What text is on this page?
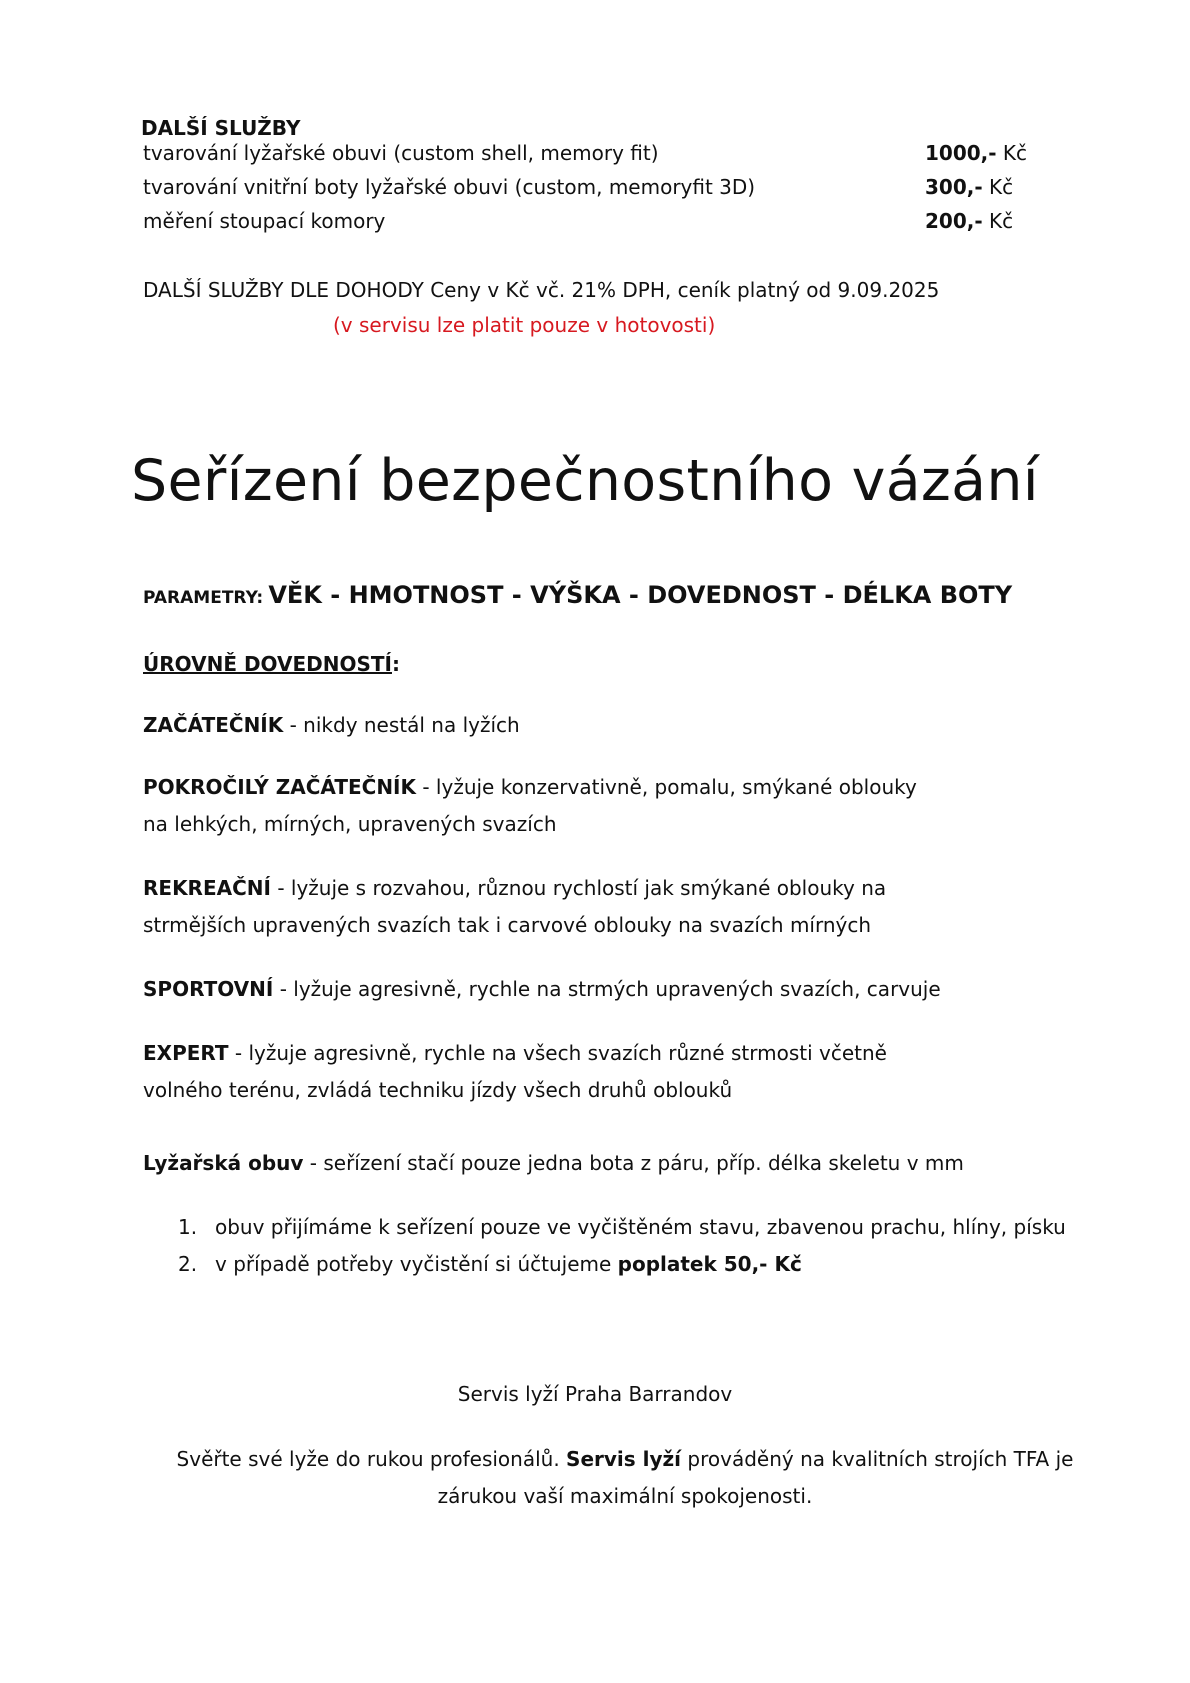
DALŠÍ SLUŽBY
tvarování lyžařské obuvi (custom shell, memory fit)	1000,- Kč
tvarování vnitřní boty lyžařské obuvi (custom, memoryfit 3D)	300,- Kč
měření stoupací komory	200,- Kč
DALŠÍ SLUŽBY DLE DOHODY Ceny v Kč vč. 21% DPH, ceník platný od 9.09.2025
(v servisu lze platit pouze v hotovosti)
Seřízení bezpečnostního vázání
PARAMETRY: VĚK - HMOTNOST - VÝŠKA - DOVEDNOST - DÉLKA BOTY
ÚROVNĚ DOVEDNOSTÍ:
ZAČÁTEČNÍK - nikdy nestál na lyžích
POKROČILÝ ZAČÁTEČNÍK - lyžuje konzervativně, pomalu, smýkané oblouky
na lehkých, mírných, upravených svazích
REKREAČNÍ - lyžuje s rozvahou, různou rychlostí jak smýkané oblouky na
strmějších upravených svazích tak i carvové oblouky na svazích mírných
SPORTOVNÍ - lyžuje agresivně, rychle na strmých upravených svazích, carvuje
EXPERT - lyžuje agresivně, rychle na všech svazích různé strmosti včetně
volného terénu, zvládá techniku jízdy všech druhů oblouků
Lyžařská obuv - seřízení stačí pouze jedna bota z páru, příp. délka skeletu v mm
1. obuv přijímáme k seřízení pouze ve vyčištěném stavu, zbavenou prachu, hlíny, písku
2. v případě potřeby vyčistění si účtujeme poplatek 50,- Kč
Servis lyží Praha Barrandov
Svěřte své lyže do rukou profesionálů. Servis lyží prováděný na kvalitních strojích TFA je zárukou vaší maximální spokojenosti.
